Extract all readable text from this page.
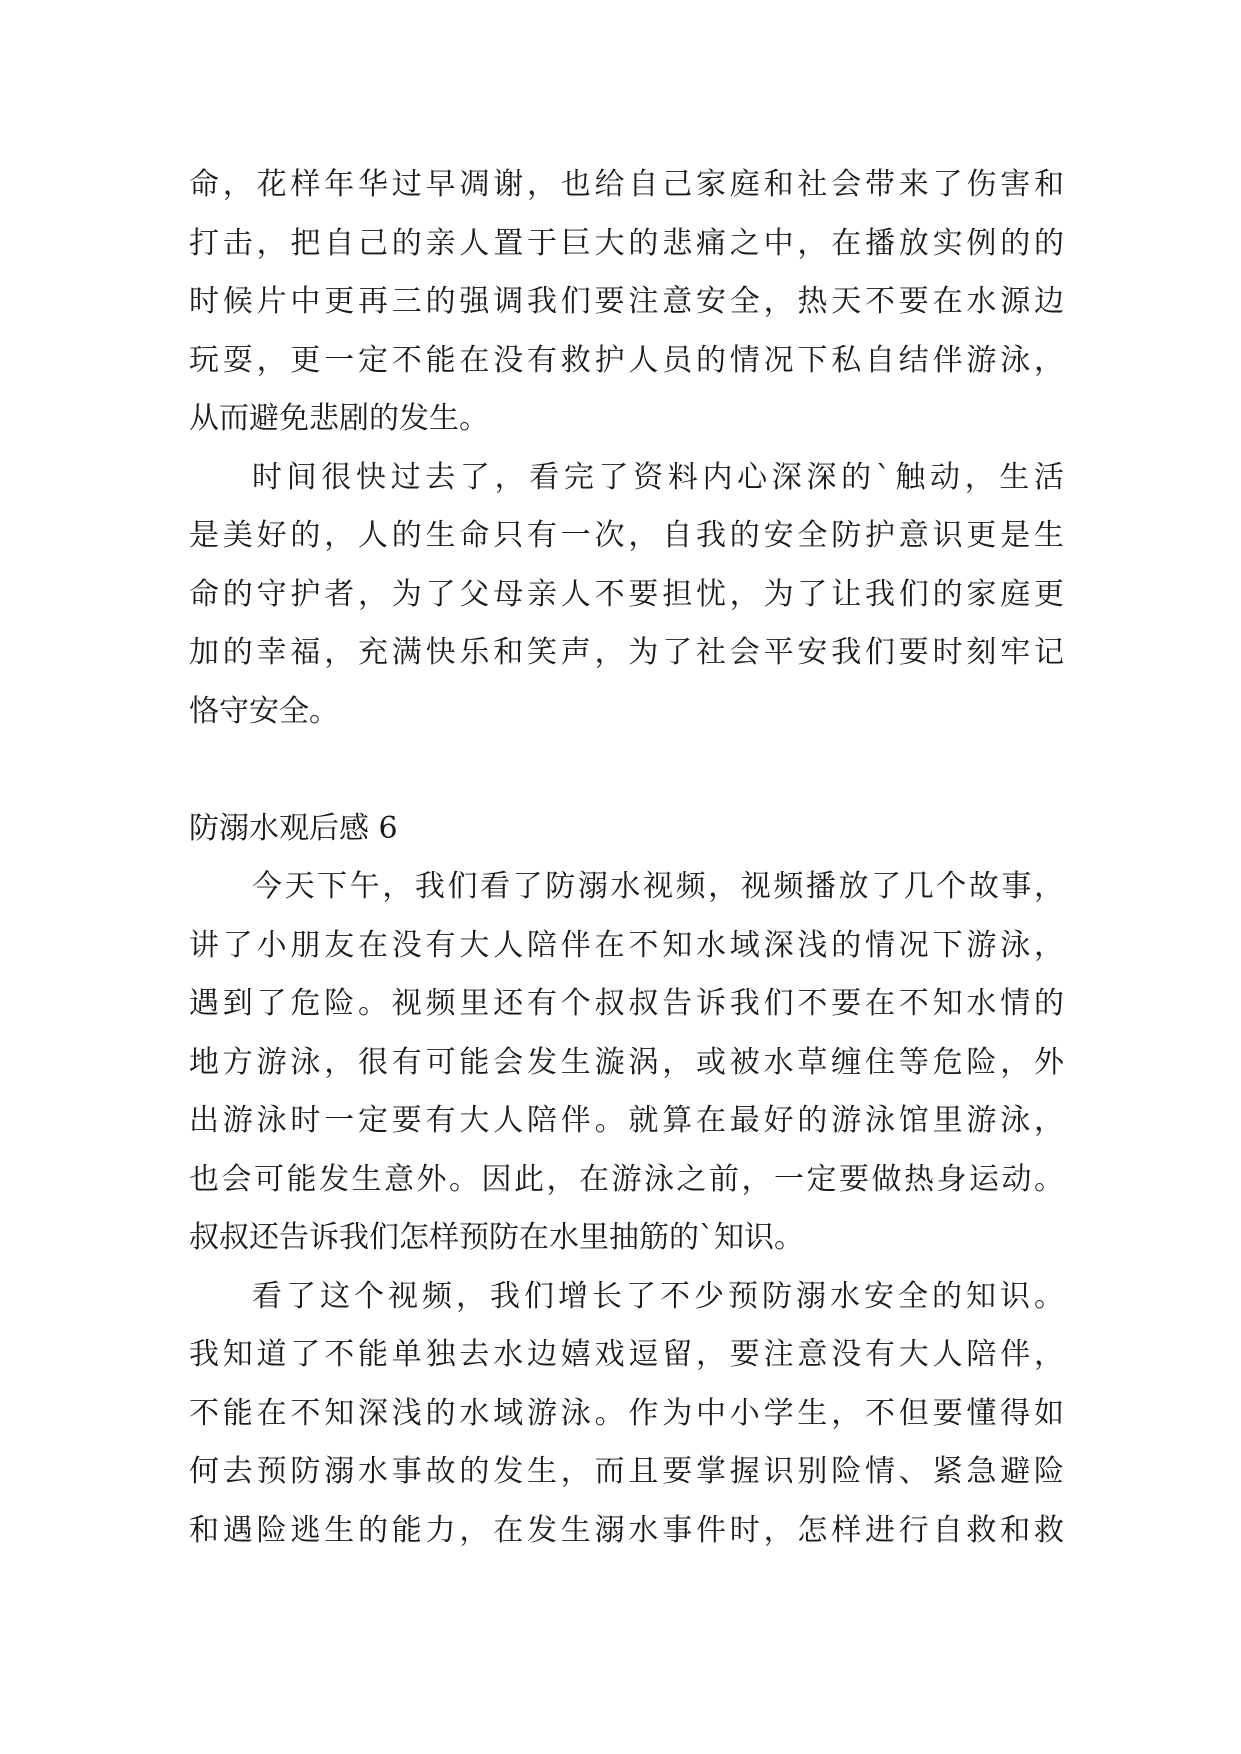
命，花样年华过早凋谢，也给自己家庭和社会带来了伤害和
打击，把自己的亲人置于巨大的悲痛之中，在播放实例的的
时候片中更再三的强调我们要注意安全，热天不要在水源边
玩耍，更一定不能在没有救护人员的情况下私自结伴游泳，
从而避免悲剧的发生。
时间很快过去了，看完了资料内心深深的`触动，生活
是美好的，人的生命只有一次，自我的安全防护意识更是生
命的守护者，为了父母亲人不要担忧，为了让我们的家庭更
加的幸福，充满快乐和笑声，为了社会平安我们要时刻牢记
恪守安全。
防溺水观后感 6
今天下午，我们看了防溺水视频，视频播放了几个故事，
讲了小朋友在没有大人陪伴在不知水域深浅的情况下游泳，
遇到了危险。视频里还有个叔叔告诉我们不要在不知水情的
地方游泳，很有可能会发生漩涡，或被水草缠住等危险，外
出游泳时一定要有大人陪伴。就算在最好的游泳馆里游泳，
也会可能发生意外。因此，在游泳之前，一定要做热身运动。
叔叔还告诉我们怎样预防在水里抽筋的`知识。
看了这个视频，我们增长了不少预防溺水安全的知识。
我知道了不能单独去水边嬉戏逗留，要注意没有大人陪伴，
不能在不知深浅的水域游泳。作为中小学生，不但要懂得如
何去预防溺水事故的发生，而且要掌握识别险情、紧急避险
和遇险逃生的能力，在发生溺水事件时，怎样进行自救和救
